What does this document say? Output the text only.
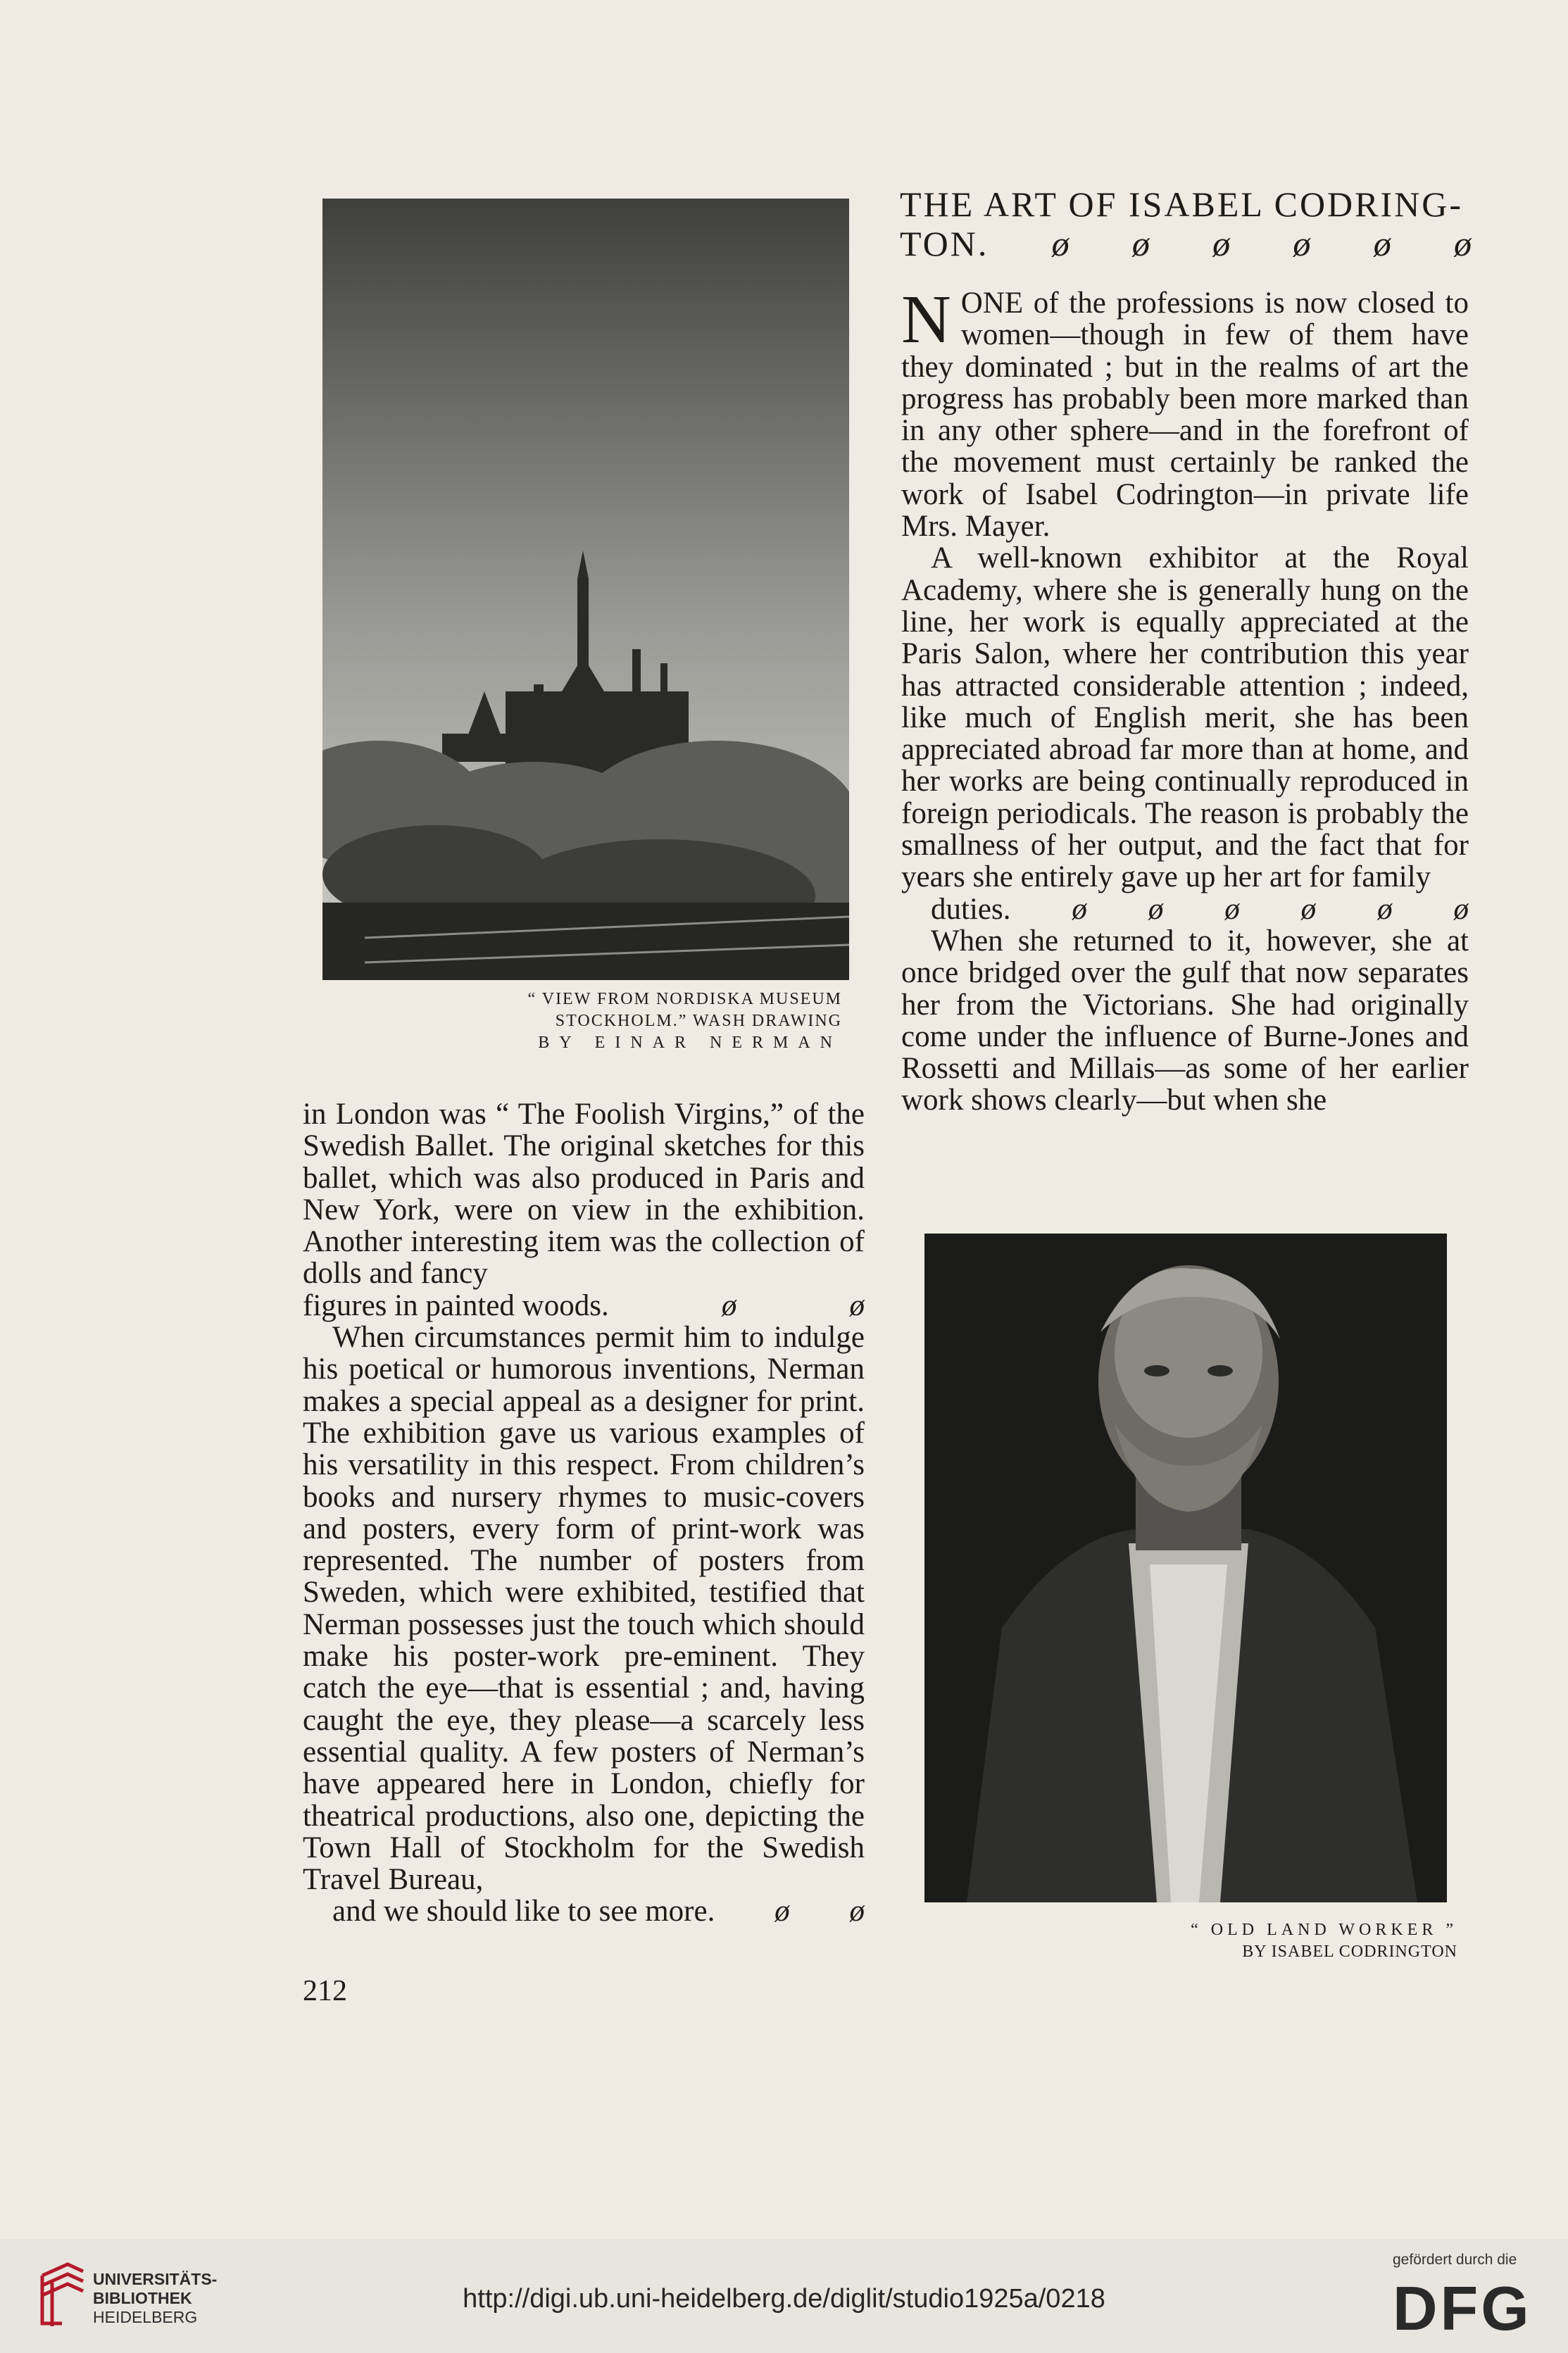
“ VIEW FROM NORDISKA MUSEUM
STOCKHOLM.” WASH DRAWING
BY EINAR NERMAN

in London was “ The Foolish Virgins,” of the Swedish Ballet. The original sketches for this ballet, which was also produced in Paris and New York, were on view in the exhibition. Another interesting item was the collection of dolls and fancy
figures in painted woods.	ø	ø

When circumstances permit him to indulge his poetical or humorous inventions, Nerman makes a special appeal as a designer for print. The exhibition gave us various examples of his versatility in this respect. From children’s books and nursery rhymes to music-covers and posters, every form of print-work was represented. The number of posters from Sweden, which were exhibited, testified that Nerman possesses just the touch which should make his poster-work pre-eminent. They catch the eye—that is essential ; and, having caught the eye, they please—a scarcely less essential quality. A few posters of Nerman’s have appeared here in London, chiefly for theatrical productions, also one, depicting the Town Hall of Stockholm for the Swedish Travel Bureau,
and we should like to see more.	ø	ø

212
THE ART OF ISABEL CODRING-
TON. ø ø ø ø ø ø

N ONE of the professions is now closed to women—though in few of them have they dominated ; but in the realms of art the progress has probably been more marked than in any other sphere—and in the forefront of the movement must certainly be ranked the work of Isabel Codrington—in private life Mrs. Mayer.

A well-known exhibitor at the Royal Academy, where she is generally hung on the line, her work is equally appreciated at the Paris Salon, where her contribution this year has attracted considerable attention ; indeed, like much of English merit, she has been appreciated abroad far more than at home, and her works are being continually reproduced in foreign periodicals. The reason is probably the smallness of her output, and the fact that for years she entirely gave up her art for family
duties.	ø	ø	ø	ø	ø	ø

When she returned to it, however, she at once bridged over the gulf that now separates her from the Victorians. She had originally come under the influence of Burne-Jones and Rossetti and Millais—as some of her earlier work shows clearly—but when she

“ OLD LAND WORKER ”
BY ISABEL CODRINGTON
UNIVERSITÄTS-
BIBLIOTHEK
HEIDELBERG
http://digi.ub.uni-heidelberg.de/diglit/studio1925a/0218
gefördert durch die
DFG
